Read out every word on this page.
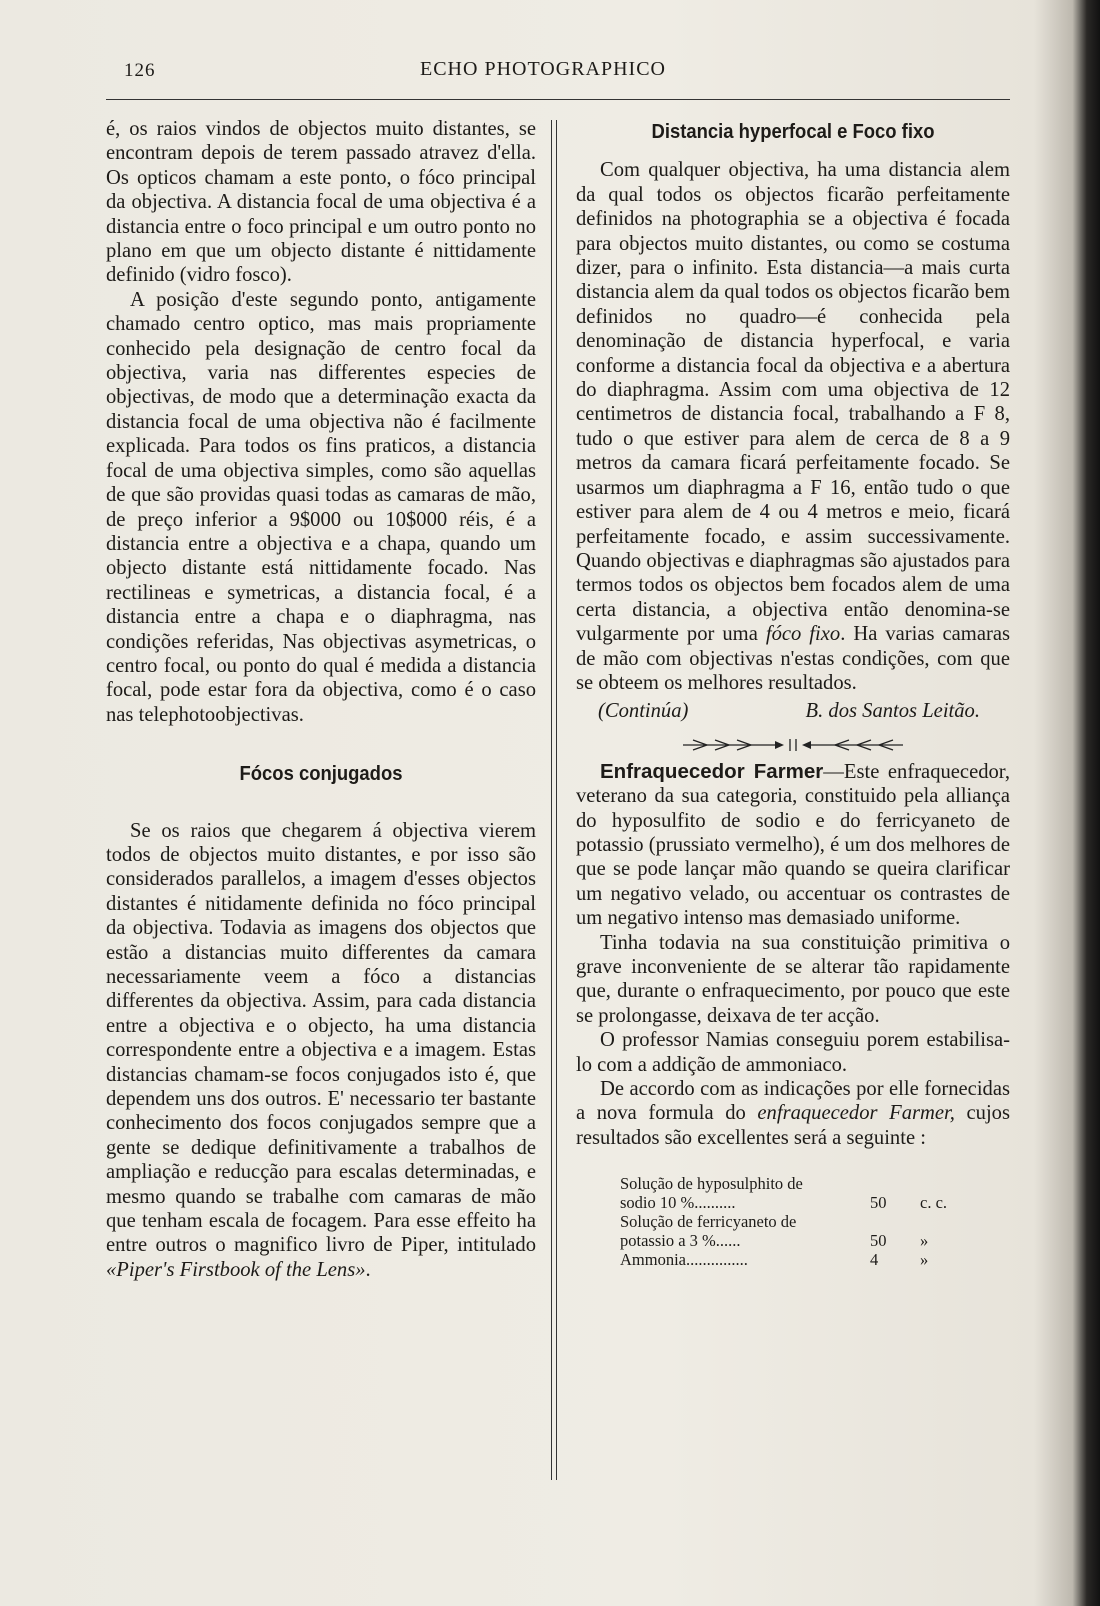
126	ECHO PHOTOGRAPHICO

é, os raios vindos de objectos muito distantes, se encontram depois de terem passado atravez d'ella. Os opticos chamam a este ponto, o fóco principal da objectiva. A distancia focal de uma objectiva é a distancia entre o foco principal e um outro ponto no plano em que um objecto distante é nittidamente definido (vidro fosco).

A posição d'este segundo ponto, antigamente chamado centro optico, mas mais propriamente conhecido pela designação de centro focal da objectiva, varia nas differentes especies de objectivas, de modo que a determinação exacta da distancia focal de uma objectiva não é facilmente explicada. Para todos os fins praticos, a distancia focal de uma objectiva simples, como são aquellas de que são providas quasi todas as camaras de mão, de preço inferior a 9$000 ou 10$000 réis, é a distancia entre a objectiva e a chapa, quando um objecto distante está nittidamente focado. Nas rectilineas e symetricas, a distancia focal, é a distancia entre a chapa e o diaphragma, nas condições referidas, Nas objectivas asymetricas, o centro focal, ou ponto do qual é medida a distancia focal, pode estar fora da objectiva, como é o caso nas telephotoobjectivas.

Fócos conjugados

Se os raios que chegarem á objectiva vierem todos de objectos muito distantes, e por isso são considerados parallelos, a imagem d'esses objectos distantes é nitidamente definida no fóco principal da objectiva. Todavia as imagens dos objectos que estão a distancias muito differentes da camara necessariamente veem a fóco a distancias differentes da objectiva. Assim, para cada distancia entre a objectiva e o objecto, ha uma distancia correspondente entre a objectiva e a imagem. Estas distancias chamam-se focos conjugados isto é, que dependem uns dos outros. E' necessario ter bastante conhecimento dos focos conjugados sempre que a gente se dedique definitivamente a trabalhos de ampliação e reducção para escalas determinadas, e mesmo quando se trabalhe com camaras de mão que tenham escala de focagem. Para esse effeito ha entre outros o magnifico livro de Piper, intitulado «Piper's Firstbook of the Lens».

Distancia hyperfocal e Foco fixo

Com qualquer objectiva, ha uma distancia alem da qual todos os objectos ficarão perfeitamente definidos na photographia se a objectiva é focada para objectos muito distantes, ou como se costuma dizer, para o infinito. Esta distancia—a mais curta distancia alem da qual todos os objectos ficarão bem definidos no quadro—é conhecida pela denominação de distancia hyperfocal, e varia conforme a distancia focal da objectiva e a abertura do diaphragma. Assim com uma objectiva de 12 centimetros de distancia focal, trabalhando a F 8, tudo o que estiver para alem de cerca de 8 a 9 metros da camara ficará perfeitamente focado. Se usarmos um diaphragma a F 16, então tudo o que estiver para alem de 4 ou 4 metros e meio, ficará perfeitamente focado, e assim successivamente. Quando objectivas e diaphragmas são ajustados para termos todos os objectos bem focados alem de uma certa distancia, a objectiva então denomina-se vulgarmente por uma fóco fixo. Ha varias camaras de mão com objectivas n'estas condições, com que se obteem os melhores resultados.

(Continúa)	B. dos Santos Leitão.

Enfraquecedor Farmer—Este enfraquecedor, veterano da sua categoria, constituido pela alliança do hyposulfito de sodio e do ferricyaneto de potassio (prussiato vermelho), é um dos melhores de que se pode lançar mão quando se queira clarificar um negativo velado, ou accentuar os contrastes de um negativo intenso mas demasiado uniforme.

Tinha todavia na sua constituição primitiva o grave inconveniente de se alterar tão rapidamente que, durante o enfraquecimento, por pouco que este se prolongasse, deixava de ter acção.

O professor Namias conseguiu porem estabilisa-lo com a addição de ammoniaco.

De accordo com as indicações por elle fornecidas a nova formula do enfraquecedor Farmer, cujos resultados são excellentes será a seguinte :

Solução de hyposulphito de
sodio 10 %..........	50	c. c.
Solução de ferricyaneto de
potassio a 3 %......	50	»
Ammonia...............	4	»
